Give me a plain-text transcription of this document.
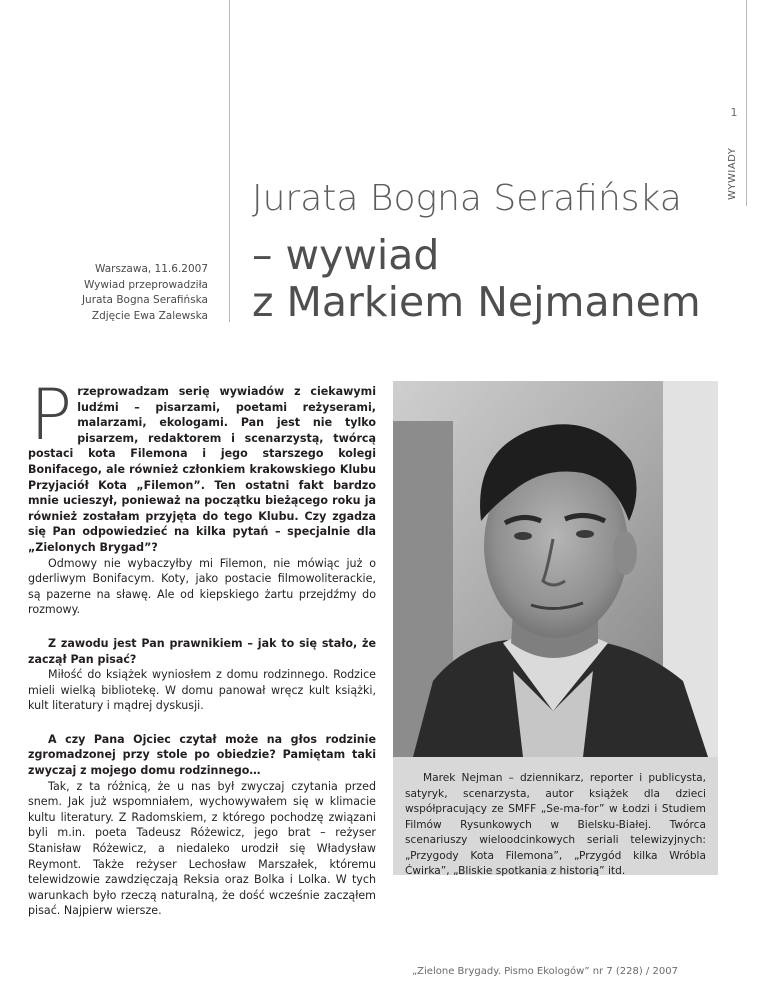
1
WYWIADY
Warszawa, 11.6.2007
Wywiad przeprowadziła
Jurata Bogna Serafińska
Zdjęcie Ewa Zalewska
Jurata Bogna Serafińska
– wywiad
z Markiem Nejmanem

Przeprowadzam serię wywiadów z ciekawymi ludźmi – pisarzami, poetami reżyserami, malarzami, ekologami. Pan jest nie tylko pisarzem, redaktorem i scenarzystą, twórcą postaci kota Filemona i jego starszego kolegi Bonifacego, ale również członkiem krakowskiego Klubu Przyjaciół Kota „Filemon”. Ten ostatni fakt bardzo mnie ucieszył, ponieważ na początku bieżącego roku ja również zostałam przyjęta do tego Klubu. Czy zgadza się Pan odpowiedzieć na kilka pytań – specjalnie dla „Zielonych Brygad”?

Odmowy nie wybaczyłby mi Filemon, nie mówiąc już o gderliwym Bonifacym. Koty, jako postacie filmowoliterackie, są pazerne na sławę. Ale od kiepskiego żartu przejdźmy do rozmowy.

Z zawodu jest Pan prawnikiem – jak to się stało, że zaczął Pan pisać?

Miłość do książek wyniosłem z domu rodzinnego. Rodzice mieli wielką bibliotekę. W domu panował wręcz kult książki, kult literatury i mądrej dyskusji.

A czy Pana Ojciec czytał może na głos rodzinie zgromadzonej przy stole po obiedzie? Pamiętam taki zwyczaj z mojego domu rodzinnego…

Tak, z ta różnicą, że u nas był zwyczaj czytania przed snem. Jak już wspomniałem, wychowywałem się w klimacie kultu literatury. Z Radomskiem, z którego pochodzę związani byli m.in. poeta Tadeusz Różewicz, jego brat – reżyser Stanisław Różewicz, a niedaleko urodził się Władysław Reymont. Także reżyser Lechosław Marszałek, któremu telewidzowie zawdzięczają Reksia oraz Bolka i Lolka. W tych warunkach było rzeczą naturalną, że dość wcześnie zacząłem pisać. Najpierw wiersze.

Marek Nejman – dziennikarz, reporter i publicysta, satyryk, scenarzysta, autor książek dla dzieci współpracujący ze SMFF „Se-ma-for” w Łodzi i Studiem Filmów Rysunkowych w Bielsku-Białej. Twórca scenariuszy wieloodcinkowych seriali telewizyjnych: „Przygody Kota Filemona”, „Przygód kilka Wróbla Ćwirka”, „Bliskie spotkania z historią” itd.
„Zielone Brygady. Pismo Ekologów” nr 7 (228) / 2007
